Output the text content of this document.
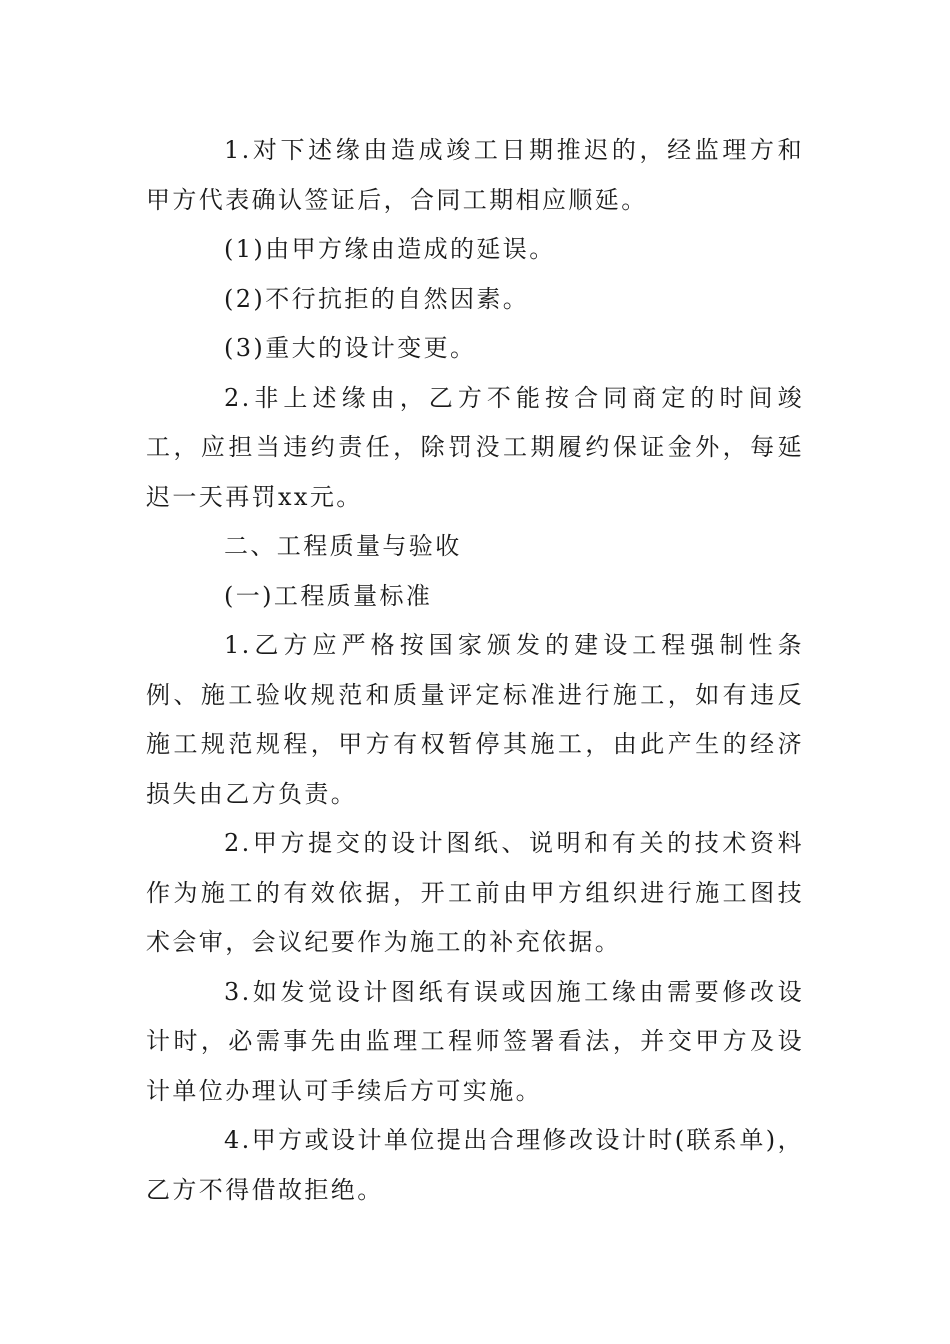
1.对下述缘由造成竣工日期推迟的，经监理方和甲方代表确认签证后，合同工期相应顺延。

(1)由甲方缘由造成的延误。

(2)不行抗拒的自然因素。

(3)重大的设计变更。

2.非上述缘由，乙方不能按合同商定的时间竣工，应担当违约责任，除罚没工期履约保证金外，每延迟一天再罚xx元。

二、工程质量与验收

(一)工程质量标准

1.乙方应严格按国家颁发的建设工程强制性条例、施工验收规范和质量评定标准进行施工，如有违反施工规范规程，甲方有权暂停其施工，由此产生的经济损失由乙方负责。

2.甲方提交的设计图纸、说明和有关的技术资料作为施工的有效依据，开工前由甲方组织进行施工图技术会审，会议纪要作为施工的补充依据。

3.如发觉设计图纸有误或因施工缘由需要修改设计时，必需事先由监理工程师签署看法，并交甲方及设计单位办理认可手续后方可实施。

4.甲方或设计单位提出合理修改设计时(联系单)，乙方不得借故拒绝。
